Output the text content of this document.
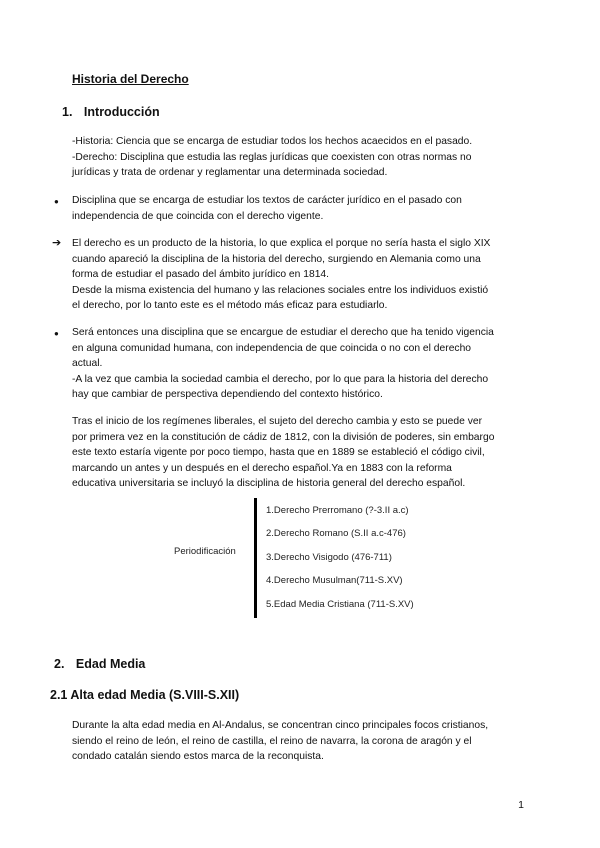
Historia del Derecho
1. Introducción
-Historia: Ciencia que se encarga de estudiar todos los hechos acaecidos en el pasado.
-Derecho: Disciplina que estudia las reglas jurídicas que coexisten con otras normas no
jurídicas y trata de ordenar y reglamentar una determinada sociedad.
● Disciplina que se encarga de estudiar los textos de carácter jurídico en el pasado con
independencia de que coincida con el derecho vigente.
➔ El derecho es un producto de la historia, lo que explica el porque no sería hasta el siglo XIX
cuando apareció la disciplina de la historia del derecho, surgiendo en Alemania como una
forma de estudiar el pasado del ámbito jurídico en 1814.
Desde la misma existencia del humano y las relaciones sociales entre los individuos existió
el derecho, por lo tanto este es el método más eficaz para estudiarlo.
● Será entonces una disciplina que se encargue de estudiar el derecho que ha tenido vigencia
en alguna comunidad humana, con independencia de que coincida o no con el derecho
actual.
-A la vez que cambia la sociedad cambia el derecho, por lo que para la historia del derecho
hay que cambiar de perspectiva dependiendo del contexto histórico.
Tras el inicio de los regímenes liberales, el sujeto del derecho cambia y esto se puede ver
por primera vez en la constitución de cádiz de 1812, con la división de poderes, sin embargo
este texto estaría vigente por poco tiempo, hasta que en 1889 se estableció el código civil,
marcando un antes y un después en el derecho español.Ya en 1883 con la reforma
educativa universitaria se incluyó la disciplina de historia general del derecho español.
Periodificación
1.Derecho Prerromano (?-3.II a.c)
2.Derecho Romano (S.II a.c-476)
3.Derecho Visigodo (476-711)
4.Derecho Musulman(711-S.XV)
5.Edad Media Cristiana (711-S.XV)
2. Edad Media
2.1 Alta edad Media (S.VIII-S.XII)
Durante la alta edad media en Al-Andalus, se concentran cinco principales focos cristianos,
siendo el reino de león, el reino de castilla, el reino de navarra, la corona de aragón y el
condado catalán siendo estos marca de la reconquista.
1
